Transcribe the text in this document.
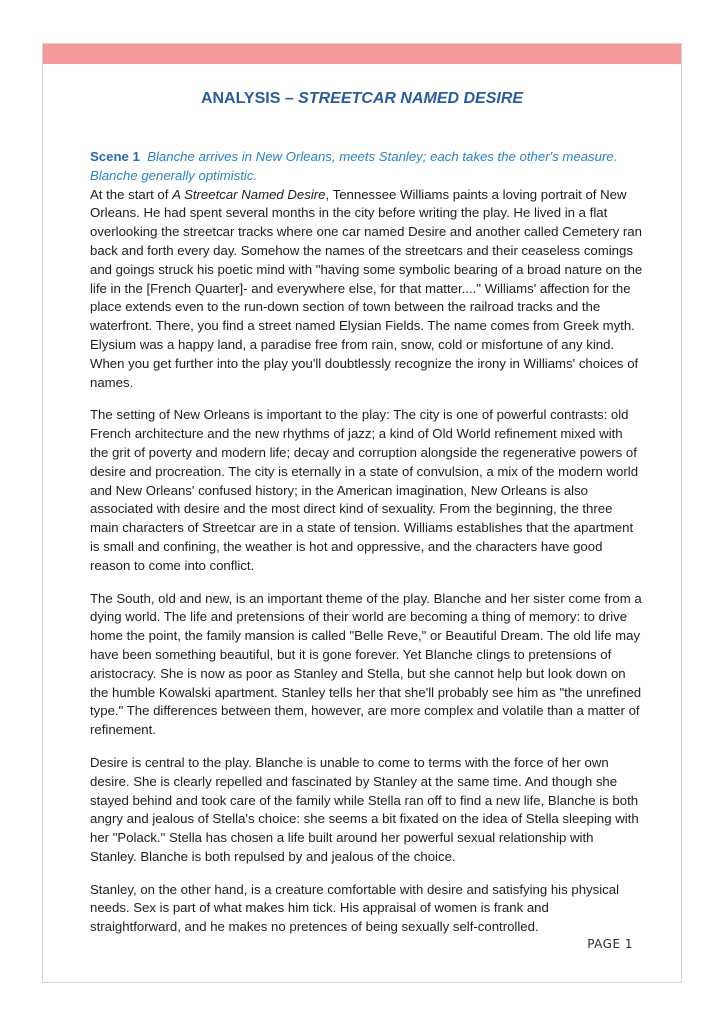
ANALYSIS – STREETCAR NAMED DESIRE
Scene 1 Blanche arrives in New Orleans, meets Stanley; each takes the other's measure. Blanche generally optimistic.

At the start of A Streetcar Named Desire, Tennessee Williams paints a loving portrait of New Orleans. He had spent several months in the city before writing the play. He lived in a flat overlooking the streetcar tracks where one car named Desire and another called Cemetery ran back and forth every day. Somehow the names of the streetcars and their ceaseless comings and goings struck his poetic mind with "having some symbolic bearing of a broad nature on the life in the [French Quarter]- and everywhere else, for that matter...." Williams' affection for the place extends even to the run-down section of town between the railroad tracks and the waterfront. There, you find a street named Elysian Fields. The name comes from Greek myth. Elysium was a happy land, a paradise free from rain, snow, cold or misfortune of any kind. When you get further into the play you'll doubtlessly recognize the irony in Williams' choices of names.

The setting of New Orleans is important to the play: The city is one of powerful contrasts: old French architecture and the new rhythms of jazz; a kind of Old World refinement mixed with the grit of poverty and modern life; decay and corruption alongside the regenerative powers of desire and procreation. The city is eternally in a state of convulsion, a mix of the modern world and New Orleans' confused history; in the American imagination, New Orleans is also associated with desire and the most direct kind of sexuality. From the beginning, the three main characters of Streetcar are in a state of tension. Williams establishes that the apartment is small and confining, the weather is hot and oppressive, and the characters have good reason to come into conflict.

The South, old and new, is an important theme of the play. Blanche and her sister come from a dying world. The life and pretensions of their world are becoming a thing of memory: to drive home the point, the family mansion is called "Belle Reve," or Beautiful Dream. The old life may have been something beautiful, but it is gone forever. Yet Blanche clings to pretensions of aristocracy. She is now as poor as Stanley and Stella, but she cannot help but look down on the humble Kowalski apartment. Stanley tells her that she'll probably see him as "the unrefined type." The differences between them, however, are more complex and volatile than a matter of refinement.

Desire is central to the play. Blanche is unable to come to terms with the force of her own desire. She is clearly repelled and fascinated by Stanley at the same time. And though she stayed behind and took care of the family while Stella ran off to find a new life, Blanche is both angry and jealous of Stella's choice: she seems a bit fixated on the idea of Stella sleeping with her "Polack." Stella has chosen a life built around her powerful sexual relationship with Stanley. Blanche is both repulsed by and jealous of the choice.

Stanley, on the other hand, is a creature comfortable with desire and satisfying his physical needs. Sex is part of what makes him tick. His appraisal of women is frank and straightforward, and he makes no pretences of being sexually self-controlled.

PAGE 1
